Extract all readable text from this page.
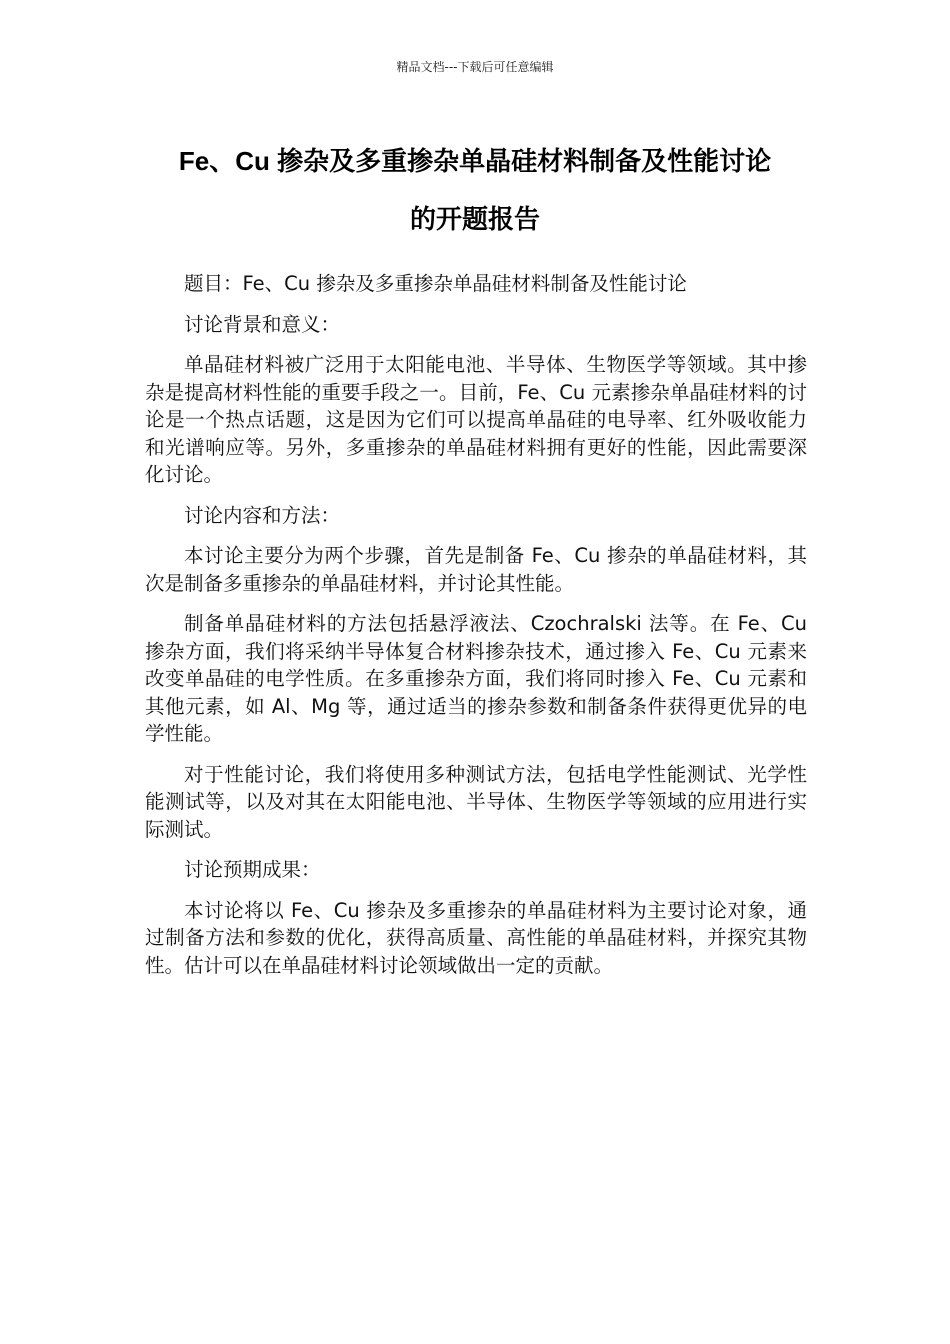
精品文档---下载后可任意编辑
Fe、Cu 掺杂及多重掺杂单晶硅材料制备及性能讨论
的开题报告

题目：Fe、Cu 掺杂及多重掺杂单晶硅材料制备及性能讨论

讨论背景和意义：

单晶硅材料被广泛用于太阳能电池、半导体、生物医学等领域。其中掺杂是提高材料性能的重要手段之一。目前，Fe、Cu 元素掺杂单晶硅材料的讨论是一个热点话题，这是因为它们可以提高单晶硅的电导率、红外吸收能力和光谱响应等。另外，多重掺杂的单晶硅材料拥有更好的性能，因此需要深化讨论。

讨论内容和方法：

本讨论主要分为两个步骤，首先是制备 Fe、Cu 掺杂的单晶硅材料，其次是制备多重掺杂的单晶硅材料，并讨论其性能。

制备单晶硅材料的方法包括悬浮液法、Czochralski 法等。在 Fe、Cu 掺杂方面，我们将采纳半导体复合材料掺杂技术，通过掺入 Fe、Cu 元素来改变单晶硅的电学性质。在多重掺杂方面，我们将同时掺入 Fe、Cu 元素和其他元素，如 Al、Mg 等，通过适当的掺杂参数和制备条件获得更优异的电学性能。

对于性能讨论，我们将使用多种测试方法，包括电学性能测试、光学性能测试等，以及对其在太阳能电池、半导体、生物医学等领域的应用进行实际测试。

讨论预期成果：

本讨论将以 Fe、Cu 掺杂及多重掺杂的单晶硅材料为主要讨论对象，通过制备方法和参数的优化，获得高质量、高性能的单晶硅材料，并探究其物性。估计可以在单晶硅材料讨论领域做出一定的贡献。
